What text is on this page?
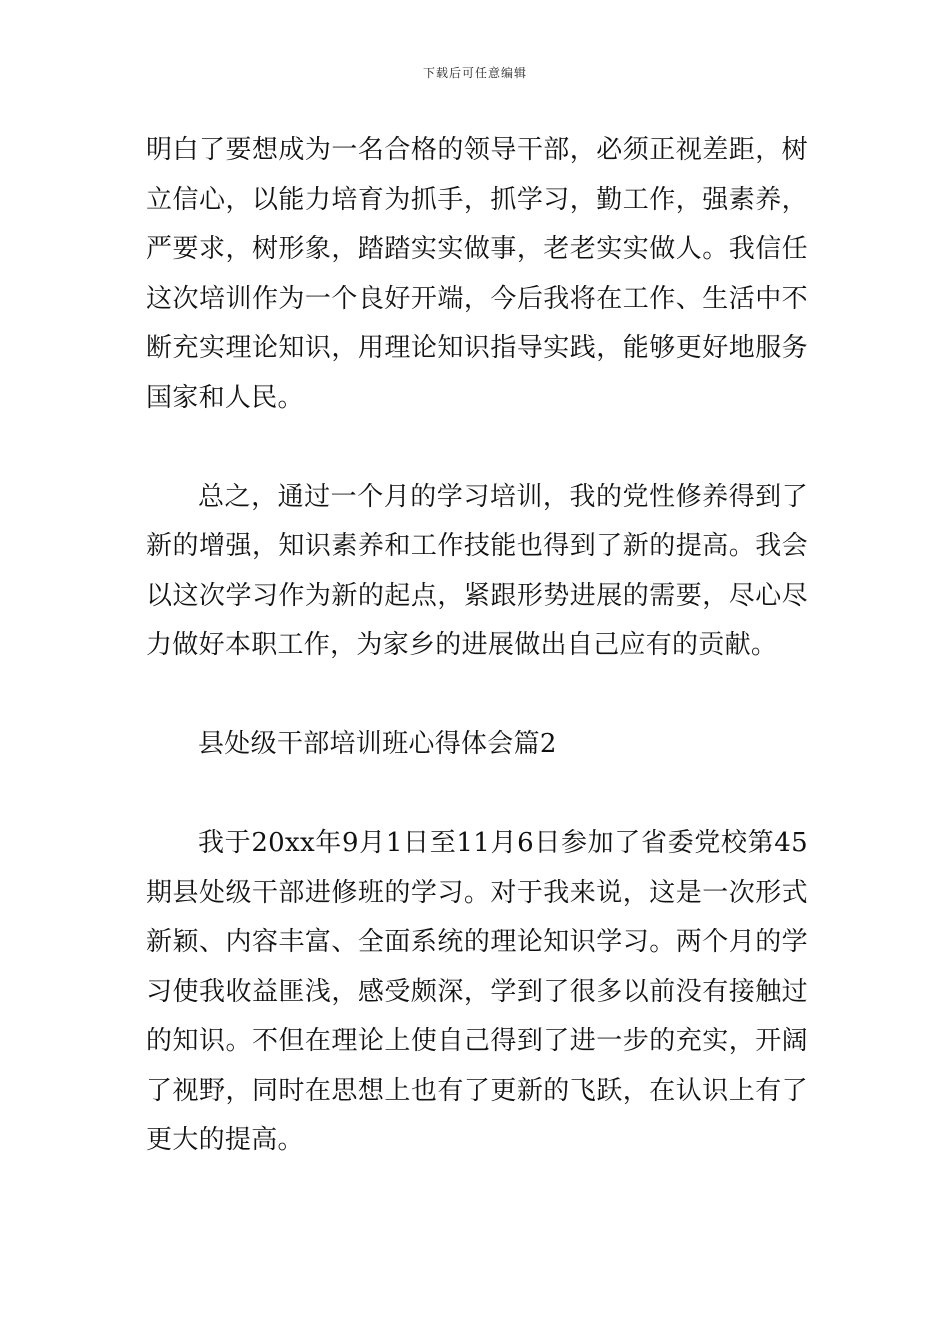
下载后可任意编辑

明白了要想成为一名合格的领导干部，必须正视差距，树立信心，以能力培育为抓手，抓学习，勤工作，强素养，严要求，树形象，踏踏实实做事，老老实实做人。我信任这次培训作为一个良好开端，今后我将在工作、生活中不断充实理论知识，用理论知识指导实践，能够更好地服务国家和人民。

总之，通过一个月的学习培训，我的党性修养得到了新的增强，知识素养和工作技能也得到了新的提高。我会以这次学习作为新的起点，紧跟形势进展的需要，尽心尽力做好本职工作，为家乡的进展做出自己应有的贡献。

县处级干部培训班心得体会篇2

我于20xx年9月1日至11月6日参加了省委党校第45期县处级干部进修班的学习。对于我来说，这是一次形式新颖、内容丰富、全面系统的理论知识学习。两个月的学习使我收益匪浅，感受颇深，学到了很多以前没有接触过的知识。不但在理论上使自己得到了进一步的充实，开阔了视野，同时在思想上也有了更新的飞跃，在认识上有了更大的提高。
